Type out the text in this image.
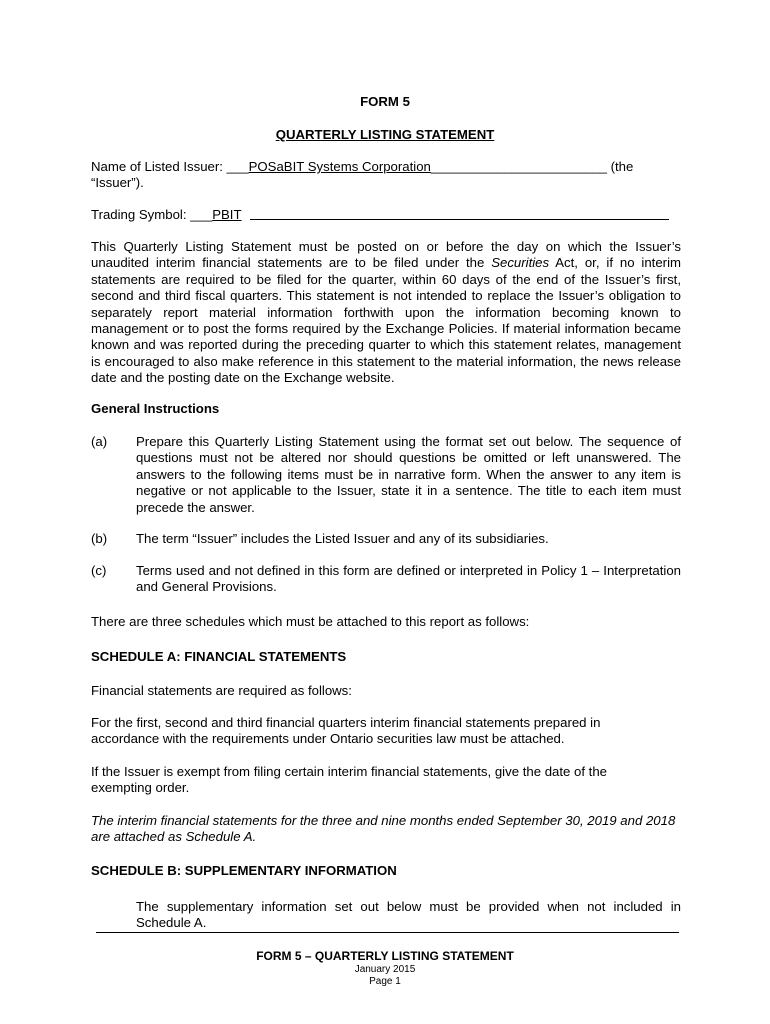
FORM 5
QUARTERLY LISTING STATEMENT
Name of Listed Issuer: ___POSaBIT Systems Corporation________________________ (the
“Issuer”).
Trading Symbol: ___PBIT

This Quarterly Listing Statement must be posted on or before the day on which the Issuer’s unaudited interim financial statements are to be filed under the Securities Act, or, if no interim statements are required to be filed for the quarter, within 60 days of the end of the Issuer’s first, second and third fiscal quarters. This statement is not intended to replace the Issuer’s obligation to separately report material information forthwith upon the information becoming known to management or to post the forms required by the Exchange Policies. If material information became known and was reported during the preceding quarter to which this statement relates, management is encouraged to also make reference in this statement to the material information, the news release date and the posting date on the Exchange website.

General Instructions
(a) Prepare this Quarterly Listing Statement using the format set out below. The sequence of questions must not be altered nor should questions be omitted or left unanswered. The answers to the following items must be in narrative form. When the answer to any item is negative or not applicable to the Issuer, state it in a sentence. The title to each item must precede the answer.

(b) The term “Issuer” includes the Listed Issuer and any of its subsidiaries.

(c) Terms used and not defined in this form are defined or interpreted in Policy 1 – Interpretation and General Provisions.

There are three schedules which must be attached to this report as follows:

SCHEDULE A: FINANCIAL STATEMENTS

Financial statements are required as follows:

For the first, second and third financial quarters interim financial statements prepared in accordance with the requirements under Ontario securities law must be attached.

If the Issuer is exempt from filing certain interim financial statements, give the date of the exempting order.

The interim financial statements for the three and nine months ended September 30, 2019 and 2018 are attached as Schedule A.

SCHEDULE B: SUPPLEMENTARY INFORMATION

The supplementary information set out below must be provided when not included in Schedule A.

FORM 5 – QUARTERLY LISTING STATEMENT
January 2015
Page 1
